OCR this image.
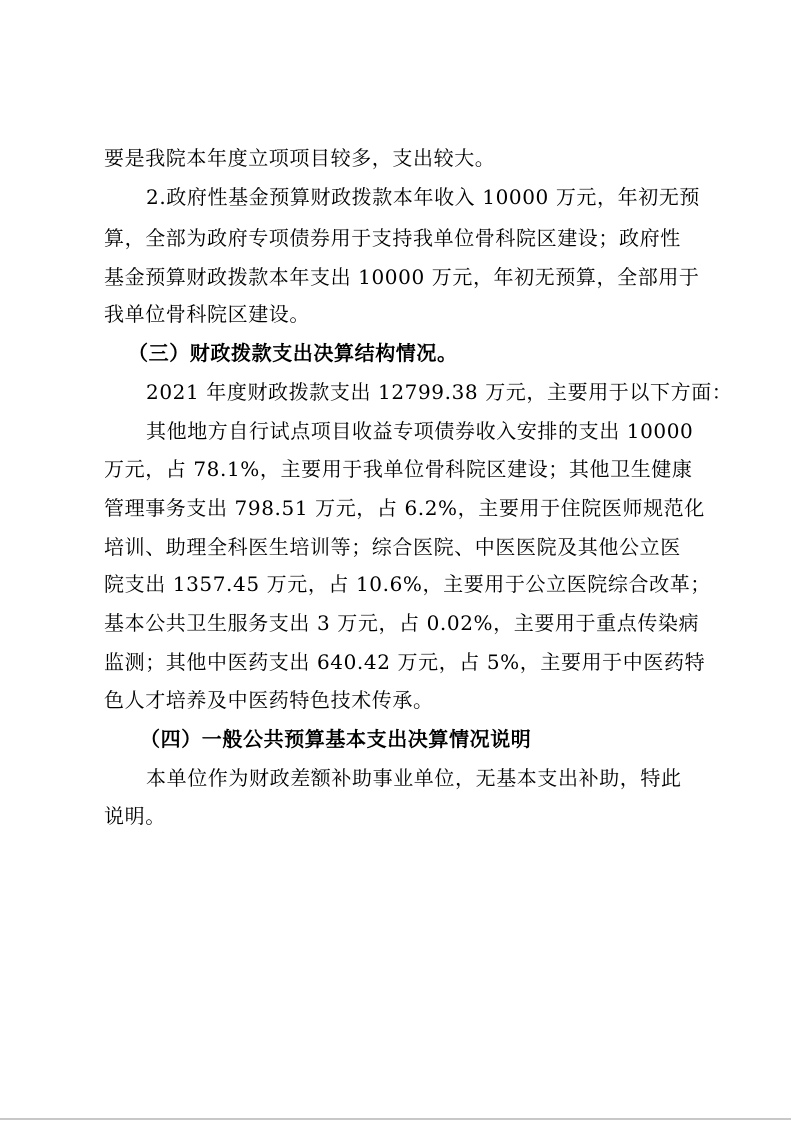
要是我院本年度立项项目较多，支出较大。
2.政府性基金预算财政拨款本年收入 10000 万元，年初无预
算，全部为政府专项债券用于支持我单位骨科院区建设；政府性
基金预算财政拨款本年支出 10000 万元，年初无预算，全部用于
我单位骨科院区建设。
（三）财政拨款支出决算结构情况。
2021 年度财政拨款支出 12799.38 万元，主要用于以下方面：
其他地方自行试点项目收益专项债券收入安排的支出 10000
万元，占 78.1%，主要用于我单位骨科院区建设；其他卫生健康
管理事务支出 798.51 万元，占 6.2%，主要用于住院医师规范化
培训、助理全科医生培训等；综合医院、中医医院及其他公立医
院支出 1357.45 万元，占 10.6%，主要用于公立医院综合改革；
基本公共卫生服务支出 3 万元，占 0.02%，主要用于重点传染病
监测；其他中医药支出 640.42 万元，占 5%，主要用于中医药特
色人才培养及中医药特色技术传承。
（四）一般公共预算基本支出决算情况说明
本单位作为财政差额补助事业单位，无基本支出补助，特此
说明。
